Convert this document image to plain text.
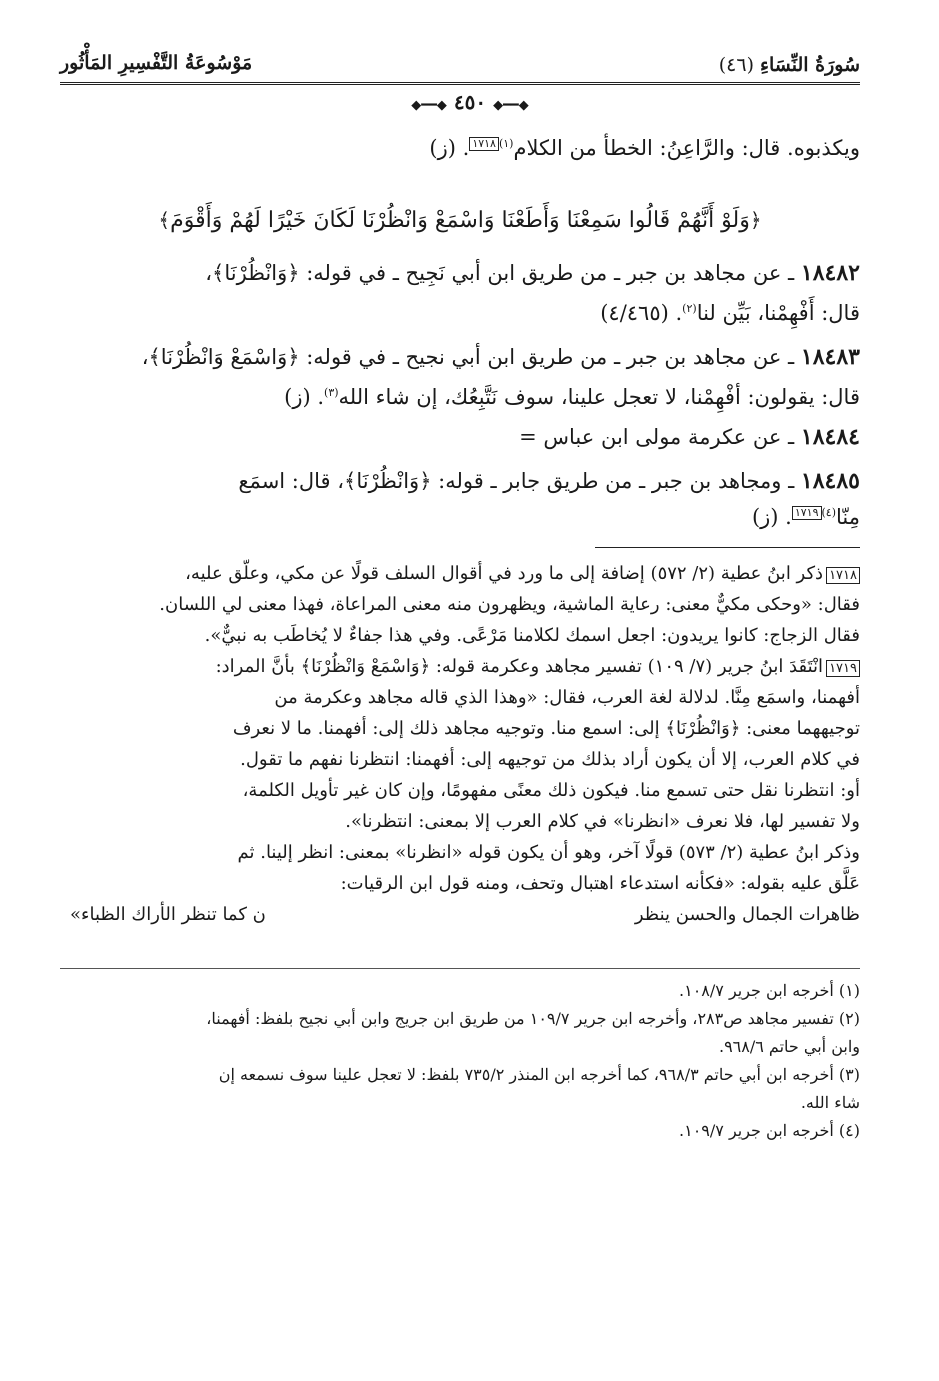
سُورَةُ النِّسَاءِ (٤٦)
مَوْسُوعَةُ التَّفْسِيرِ المَأْثُور
◆━━◆ ٤٥٠ ◆━━◆

ويكذبوه. قال: والرَّاعِنُ: الخطأ من الكلام$^{(١)}$١٧١٨. (ز)

﴿وَلَوْ أَنَّهُمْ قَالُوا سَمِعْنَا وَأَطَعْنَا وَاسْمَعْ وَانْظُرْنَا لَكَانَ خَيْرًا لَهُمْ وَأَقْوَمَ﴾

١٨٤٨٢ ـ عن مجاهد بن جبر ـ من طريق ابن أبي نَجِيح ـ في قوله: ﴿وَانْظُرْنَا﴾،

قال: أَفْهِمْنا، بَيِّن لنا$^{(٢)}$. (٤/٤٦٥)

١٨٤٨٣ ـ عن مجاهد بن جبر ـ من طريق ابن أبي نجيح ـ في قوله: ﴿وَاسْمَعْ وَانْظُرْنَا﴾،

قال: يقولون: أفْهِمْنا، لا تعجل علينا، سوف نَتَّبِعُك، إن شاء الله$^{(٣)}$. (ز)

١٨٤٨٤ ـ عن عكرمة مولى ابن عباس =

١٨٤٨٥ ـ ومجاهد بن جبر ـ من طريق جابر ـ قوله: ﴿وَانْظُرْنَا﴾، قال: اسمَع

مِنّا$^{(٤)}$١٧١٩. (ز)

١٧١٨ذكر ابنُ عطية (٢/ ٥٧٢) إضافة إلى ما ورد في أقوال السلف قولًا عن مكي، وعلّق عليه،

فقال: «وحكى مكيٌّ معنى: رعاية الماشية، ويظهرون منه معنى المراعاة، فهذا معنى لي اللسان.

فقال الزجاج: كانوا يريدون: اجعل اسمك لكلامنا مَرْعًى. وفي هذا جفاءٌ لا يُخاطَب به نبيٌّ».

١٧١٩انْتَقَدَ ابنُ جرير (٧/ ١٠٩) تفسير مجاهد وعكرمة قوله: ﴿وَاسْمَعْ وَانْظُرْنَا﴾ بأنَّ المراد:

أفهمنا، واسمَع مِنَّا. لدلالة لغة العرب، فقال: «وهذا الذي قاله مجاهد وعكرمة من

توجيههما معنى: ﴿وَانْظُرْنَا﴾ إلى: اسمع منا. وتوجيه مجاهد ذلك إلى: أفهمنا. ما لا نعرف

في كلام العرب، إلا أن يكون أراد بذلك من توجيهه إلى: أفهمنا: انتظرنا نفهم ما تقول.

أو: انتظرنا نقل حتى تسمع منا. فيكون ذلك معنًى مفهومًا، وإن كان غير تأويل الكلمة،

ولا تفسير لها، فلا نعرف «انظرنا» في كلام العرب إلا بمعنى: انتظرنا».

وذكر ابنُ عطية (٢/ ٥٧٣) قولًا آخر، وهو أن يكون قوله «انظرنا» بمعنى: انظر إلينا. ثم

عَلَّق عليه بقوله: «فكأنه استدعاء اهتبال وتحف، ومنه قول ابن الرقيات:

ظاهرات الجمال والحسن ينظر
ن كما تنظر الأراك الظباء»

(١) أخرجه ابن جرير ١٠٨/٧.

(٢) تفسير مجاهد ص٢٨٣، وأخرجه ابن جرير ١٠٩/٧ من طريق ابن جريج وابن أبي نجيح بلفظ: أفهمنا،

وابن أبي حاتم ٩٦٨/٦.

(٣) أخرجه ابن أبي حاتم ٩٦٨/٣، كما أخرجه ابن المنذر ٧٣٥/٢ بلفظ: لا تعجل علينا سوف نسمعه إن

شاء الله.

(٤) أخرجه ابن جرير ١٠٩/٧.
